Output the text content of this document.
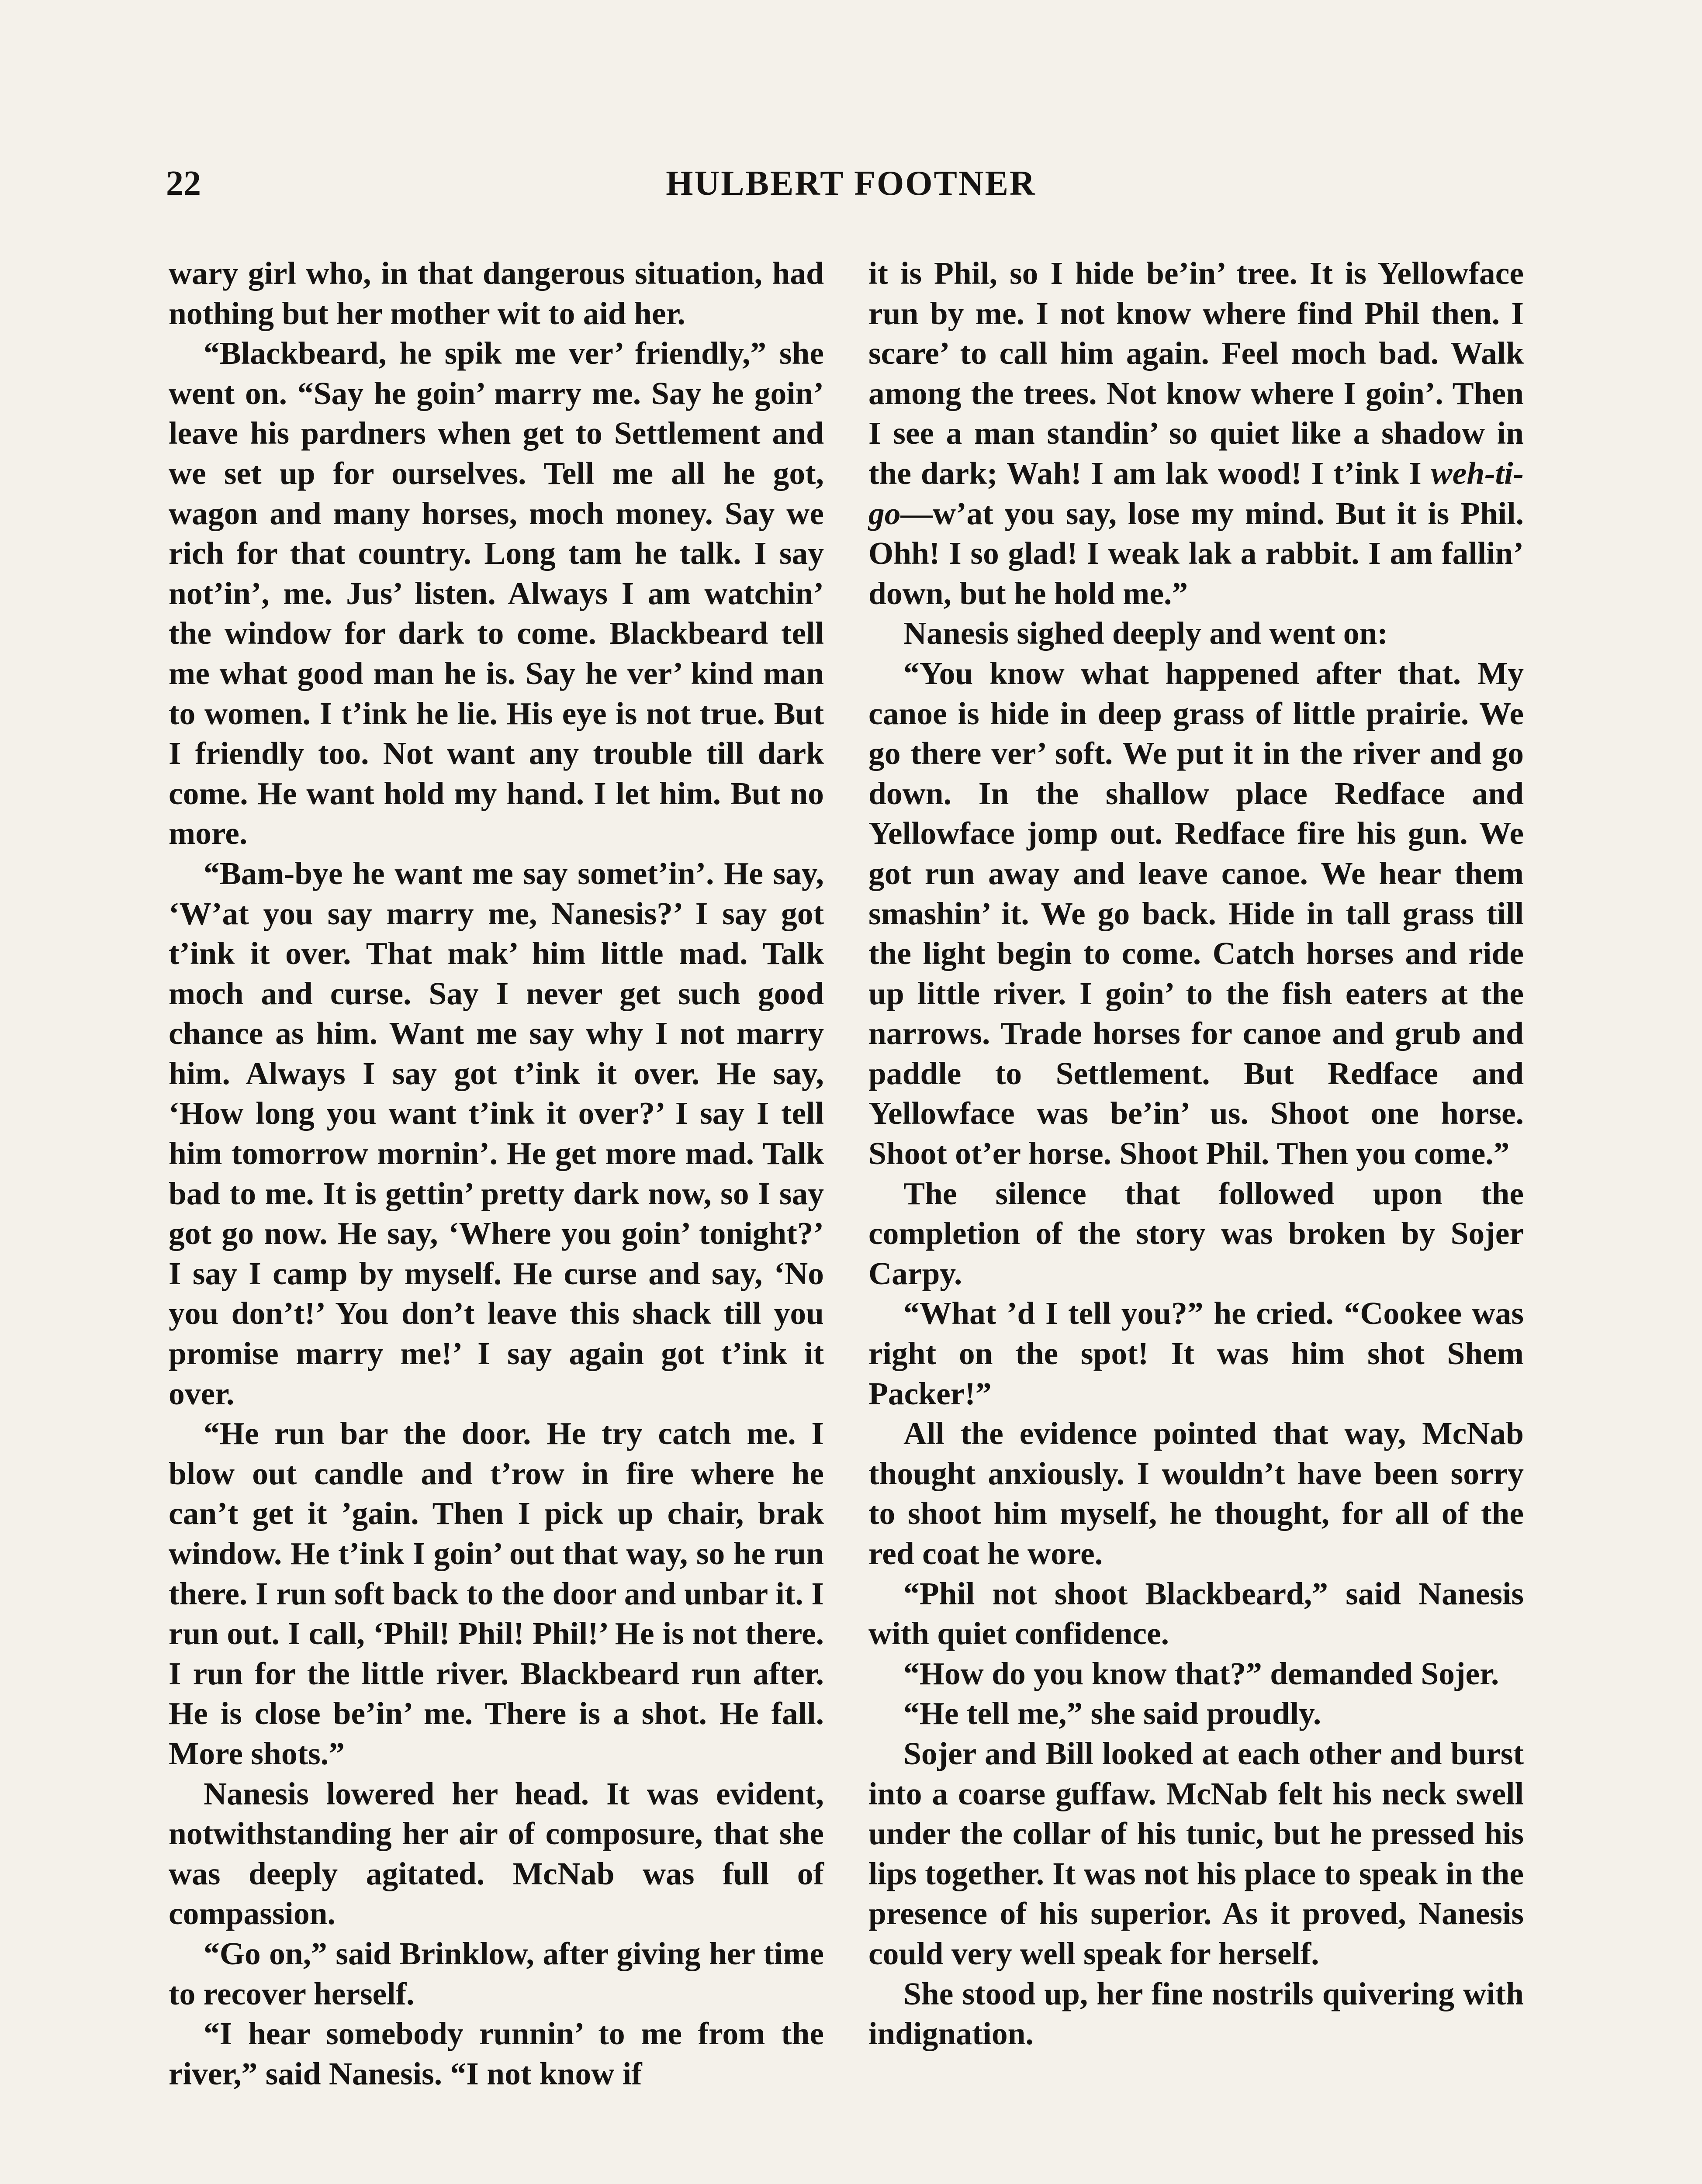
22	HULBERT FOOTNER

wary girl who, in that dangerous situation, had nothing but her mother wit to aid her.

“Blackbeard, he spik me ver’ friendly,” she went on. “Say he goin’ marry me. Say he goin’ leave his pardners when get to Settlement and we set up for ourselves. Tell me all he got, wagon and many horses, moch money. Say we rich for that country. Long tam he talk. I say not’in’, me. Jus’ listen. Always I am watchin’ the window for dark to come. Blackbeard tell me what good man he is. Say he ver’ kind man to women. I t’ink he lie. His eye is not true. But I friendly too. Not want any trouble till dark come. He want hold my hand. I let him. But no more.

“Bam-bye he want me say somet’in’. He say, ‘W’at you say marry me, Nanesis?’ I say got t’ink it over. That mak’ him little mad. Talk moch and curse. Say I never get such good chance as him. Want me say why I not marry him. Always I say got t’ink it over. He say, ‘How long you want t’ink it over?’ I say I tell him tomorrow mornin’. He get more mad. Talk bad to me. It is gettin’ pretty dark now, so I say got go now. He say, ‘Where you goin’ tonight?’ I say I camp by myself. He curse and say, ‘No you don’t!’ You don’t leave this shack till you promise marry me!’ I say again got t’ink it over.

“He run bar the door. He try catch me. I blow out candle and t’row in fire where he can’t get it ’gain. Then I pick up chair, brak window. He t’ink I goin’ out that way, so he run there. I run soft back to the door and unbar it. I run out. I call, ‘Phil! Phil! Phil!’ He is not there. I run for the little river. Blackbeard run after. He is close be’in’ me. There is a shot. He fall. More shots.”

Nanesis lowered her head. It was evident, notwithstanding her air of composure, that she was deeply agitated. McNab was full of compassion.

“Go on,” said Brinklow, after giving her time to recover herself.

“I hear somebody runnin’ to me from the river,” said Nanesis. “I not know if

it is Phil, so I hide be’in’ tree. It is Yellowface run by me. I not know where find Phil then. I scare’ to call him again. Feel moch bad. Walk among the trees. Not know where I goin’. Then I see a man standin’ so quiet like a shadow in the dark; Wah! I am lak wood! I t’ink I weh-ti-go—w’at you say, lose my mind. But it is Phil. Ohh! I so glad! I weak lak a rabbit. I am fallin’ down, but he hold me.”

Nanesis sighed deeply and went on:

“You know what happened after that. My canoe is hide in deep grass of little prairie. We go there ver’ soft. We put it in the river and go down. In the shallow place Redface and Yellowface jomp out. Redface fire his gun. We got run away and leave canoe. We hear them smashin’ it. We go back. Hide in tall grass till the light begin to come. Catch horses and ride up little river. I goin’ to the fish eaters at the narrows. Trade horses for canoe and grub and paddle to Settlement. But Redface and Yellowface was be’in’ us. Shoot one horse. Shoot ot’er horse. Shoot Phil. Then you come.”

The silence that followed upon the completion of the story was broken by Sojer Carpy.

“What ’d I tell you?” he cried. “Cookee was right on the spot! It was him shot Shem Packer!”

All the evidence pointed that way, McNab thought anxiously. I wouldn’t have been sorry to shoot him myself, he thought, for all of the red coat he wore.

“Phil not shoot Blackbeard,” said Nanesis with quiet confidence.

“How do you know that?” demanded Sojer.

“He tell me,” she said proudly.

Sojer and Bill looked at each other and burst into a coarse guffaw. McNab felt his neck swell under the collar of his tunic, but he pressed his lips together. It was not his place to speak in the presence of his superior. As it proved, Nanesis could very well speak for herself.

She stood up, her fine nostrils quivering with indignation.
